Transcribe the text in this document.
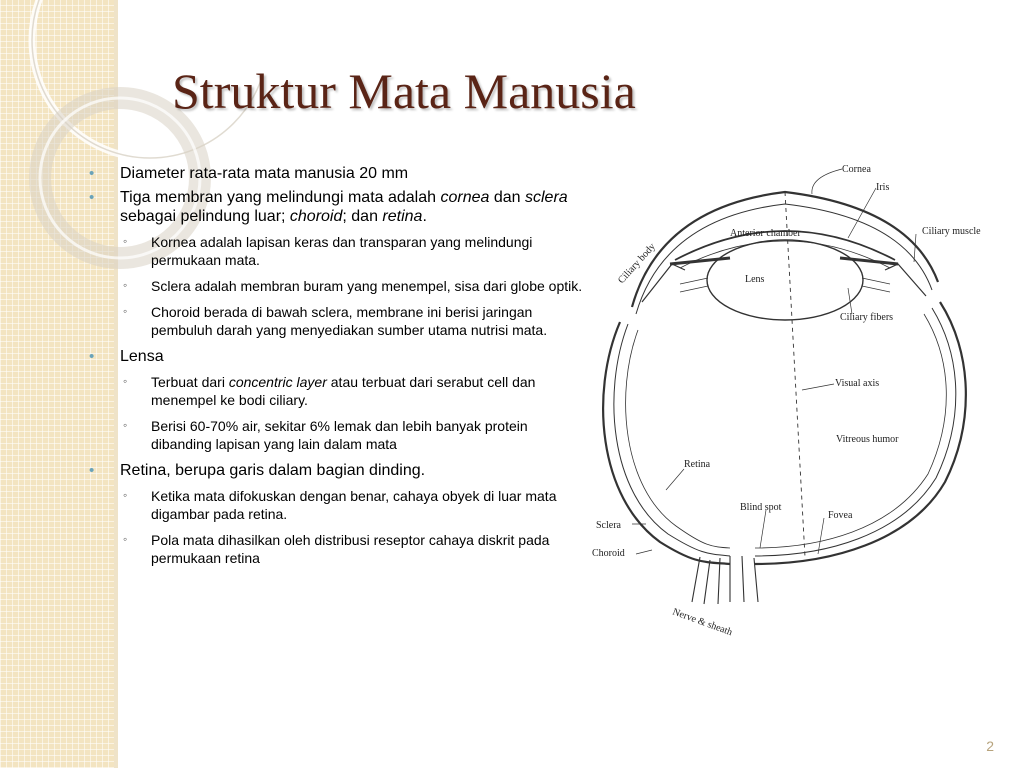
Struktur Mata Manusia
• Diameter rata-rata mata manusia 20 mm
• Tiga membran yang melindungi mata adalah cornea dan sclera sebagai pelindung luar; choroid; dan retina.
◦ Kornea adalah lapisan keras dan transparan yang melindungi permukaan mata.
◦ Sclera adalah membran buram yang menempel, sisa dari globe optik.
◦ Choroid berada di bawah sclera, membrane ini berisi jaringan pembuluh darah yang menyediakan sumber utama nutrisi mata.
• Lensa
◦ Terbuat dari concentric layer atau terbuat dari serabut cell dan menempel ke bodi ciliary.
◦ Berisi 60-70% air, sekitar 6% lemak dan lebih banyak protein dibanding lapisan yang lain dalam mata
• Retina, berupa garis dalam bagian dinding.
◦ Ketika mata difokuskan dengan benar, cahaya obyek di luar mata digambar pada retina.
◦ Pola mata dihasilkan oleh distribusi reseptor cahaya diskrit pada permukaan retina
Cornea
Iris
Ciliary muscle
Ciliary body
Anterior chamber
Lens
Ciliary fibers
Visual axis
Vitreous humor
Retina
Blind spot
Fovea
Sclera
Choroid
Nerve & sheath
2
